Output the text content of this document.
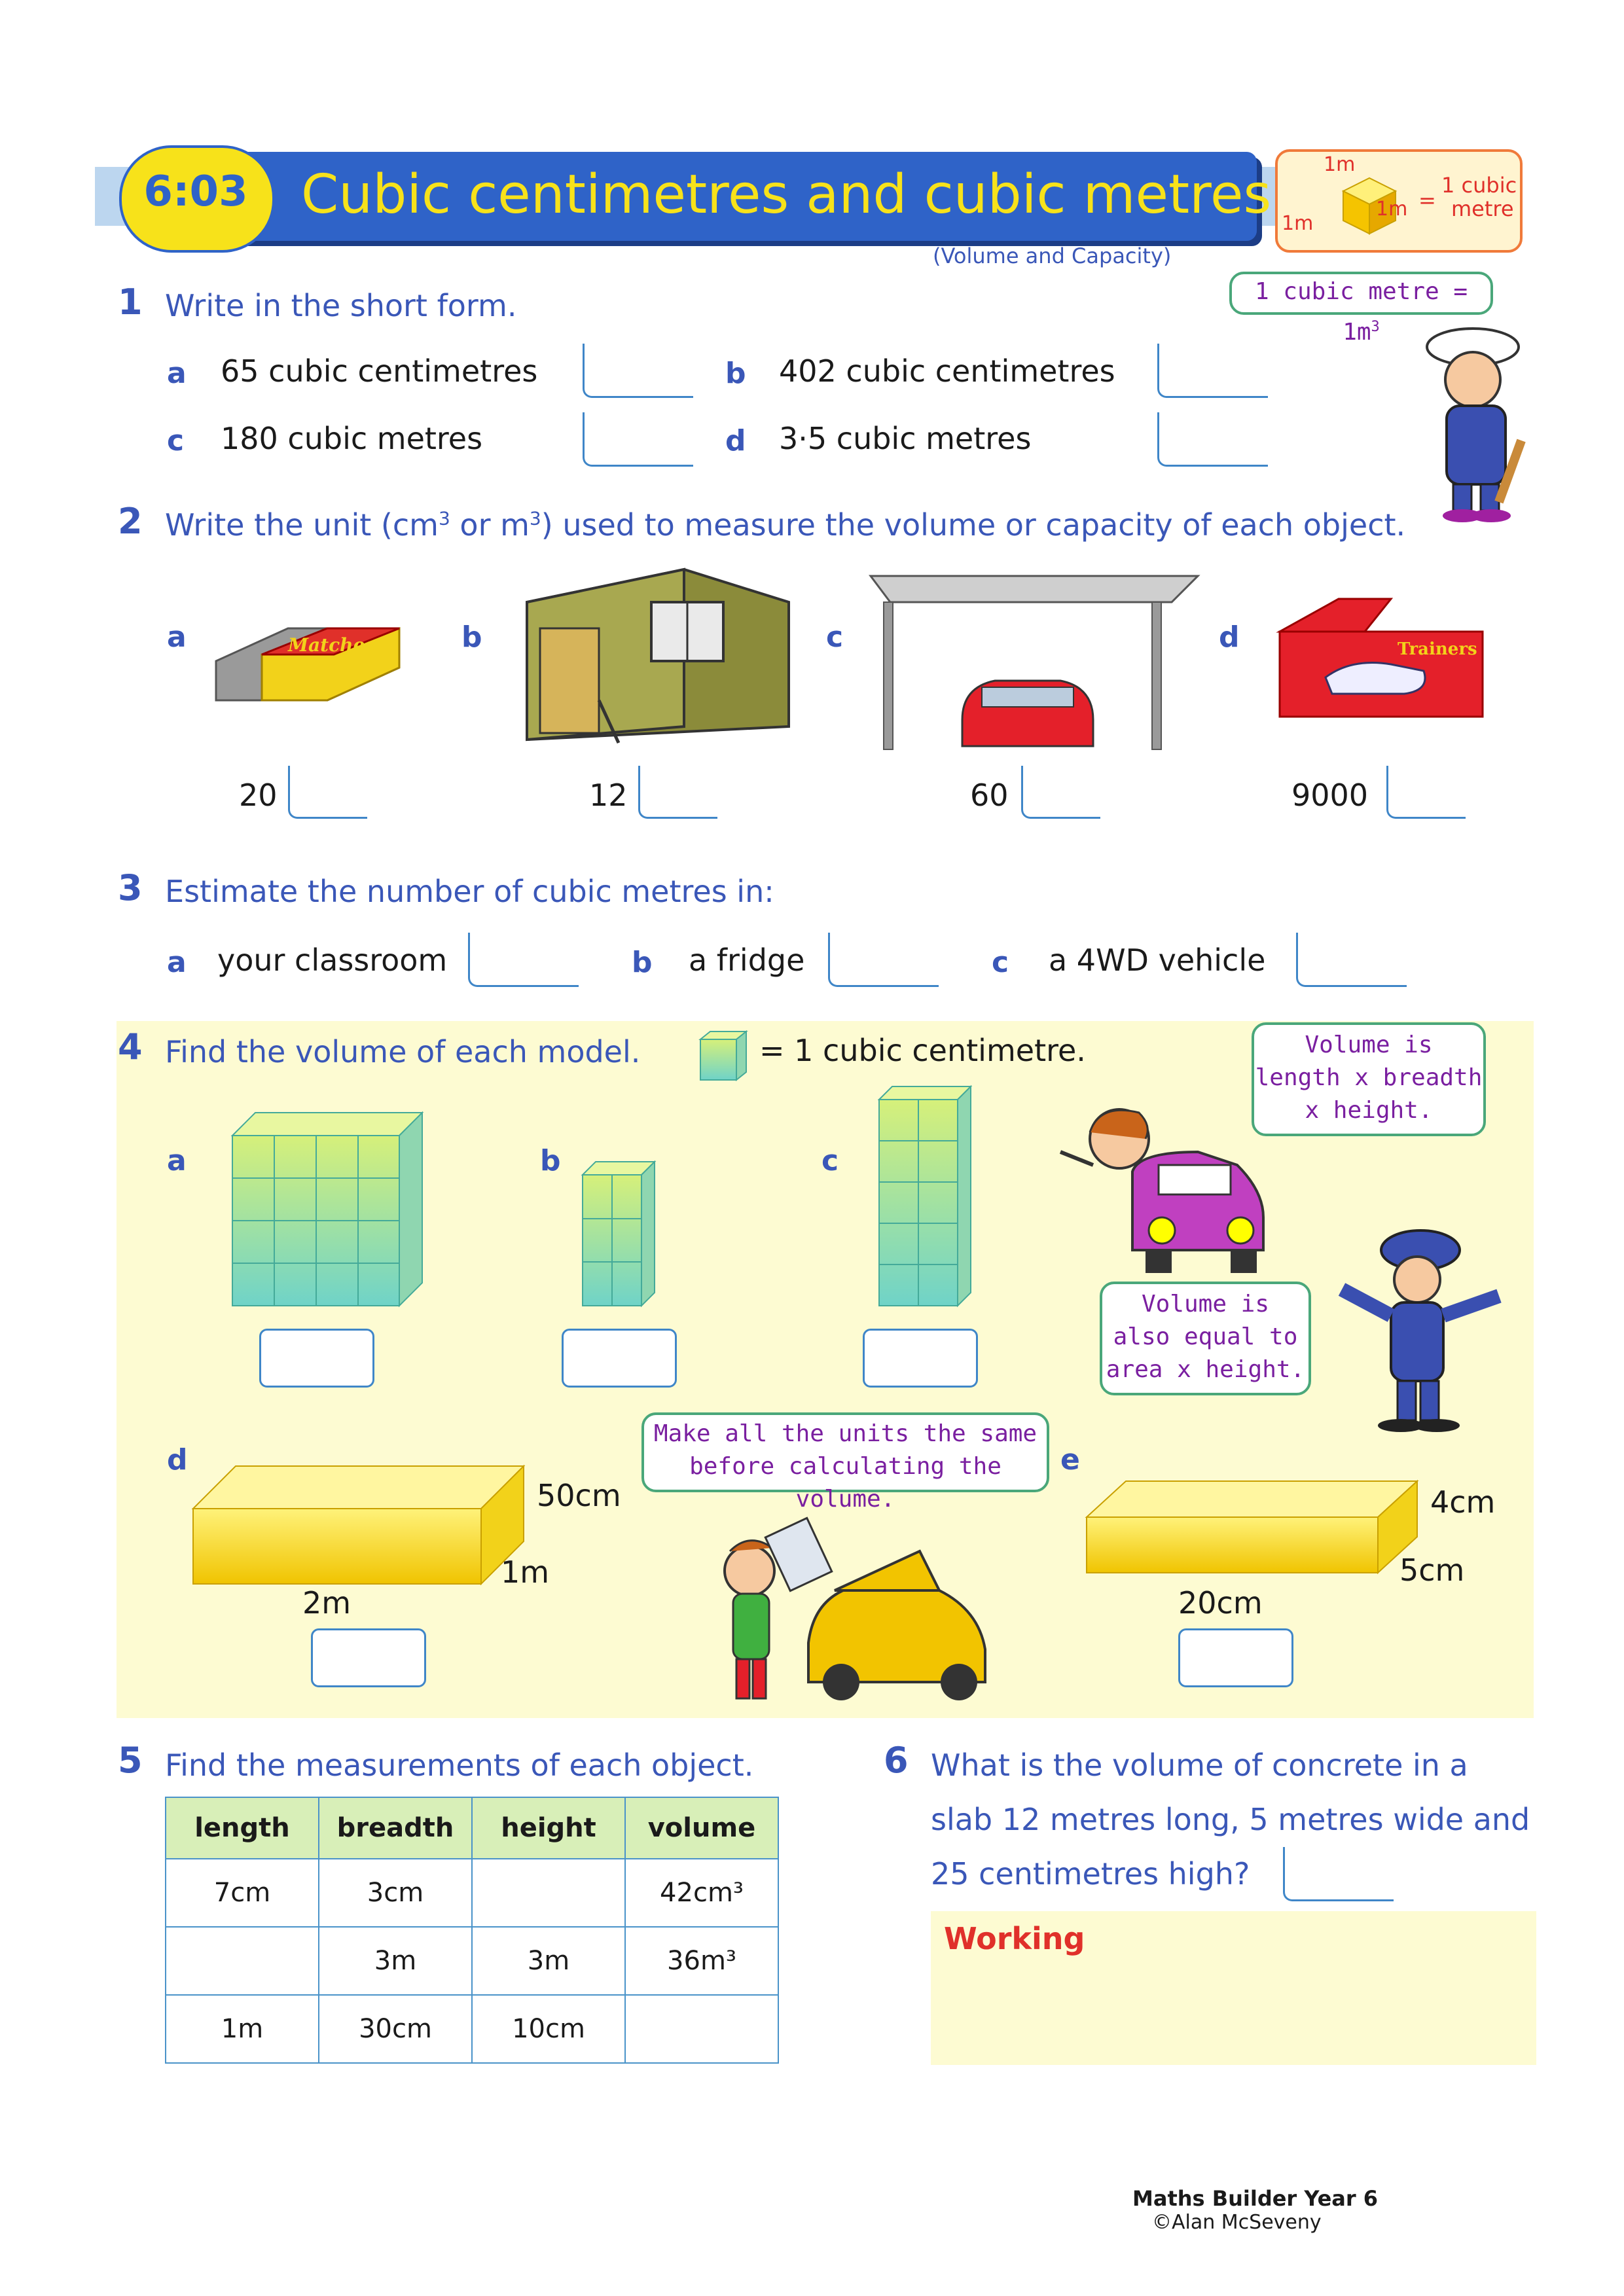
6:03 Cubic centimetres and cubic metres
(Volume and Capacity)
1m
1m
1m =
1 cubic
metre
1 Write in the short form.	1 cubic metre = $1m^3$
a 65 cubic centimetres	b 402 cubic centimetres
c 180 cubic metres	d 3·5 cubic metres
2 Write the unit ($cm^3$ or $m^3$) used to measure the volume or capacity of each object.
a	Matches	b	c	d	Trainers
20	12	60	9000
3 Estimate the number of cubic metres in:
a your classroom	b a fridge	c a 4WD vehicle
4 Find the volume of each model.	= 1 cubic centimetre.	Volume is
length x breadth
x height.
a	b	c
Volume is
also equal to
area x height.
d
50cm
1m
2m
Make all the units the same
before calculating the volume.
e
4cm
5cm
20cm
5 Find the measurements of each object.
length	breadth	height	volume
7cm	3cm		42cm³
	3m	3m	36m³
1m	30cm	10cm	
6 What is the volume of concrete in a
slab 12 metres long, 5 metres wide and
25 centimetres high?
Working
Maths Builder Year 6
©Alan McSeveny
